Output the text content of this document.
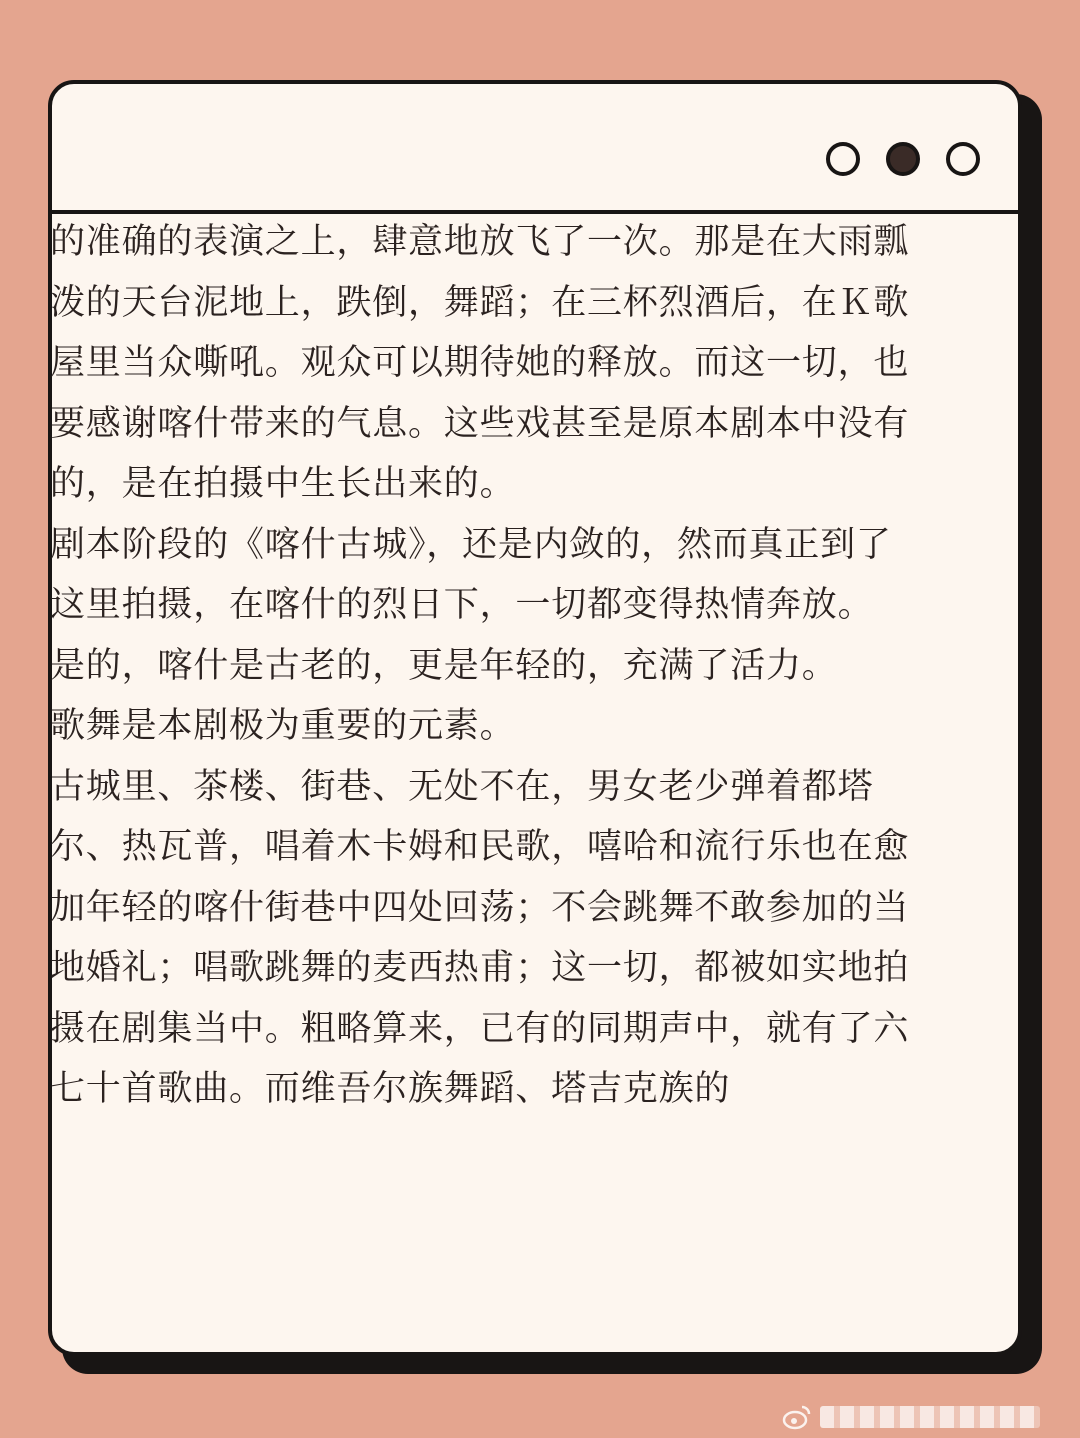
的准确的表演之上，肆意地放飞了一次。那是在大雨瓢泼的天台泥地上，跌倒，舞蹈；在三杯烈酒后，在Ｋ歌屋里当众嘶吼。观众可以期待她的释放。而这一切，也要感谢喀什带来的气息。这些戏甚至是原本剧本中没有的，是在拍摄中生长出来的。

剧本阶段的《喀什古城》，还是内敛的，然而真正到了这里拍摄，在喀什的烈日下，一切都变得热情奔放。

是的，喀什是古老的，更是年轻的，充满了活力。

歌舞是本剧极为重要的元素。

古城里、茶楼、街巷、无处不在，男女老少弹着都塔尔、热瓦普，唱着木卡姆和民歌，嘻哈和流行乐也在愈加年轻的喀什街巷中四处回荡；不会跳舞不敢参加的当地婚礼；唱歌跳舞的麦西热甫；这一切，都被如实地拍摄在剧集当中。粗略算来，已有的同期声中，就有了六七十首歌曲。而维吾尔族舞蹈、塔吉克族的
